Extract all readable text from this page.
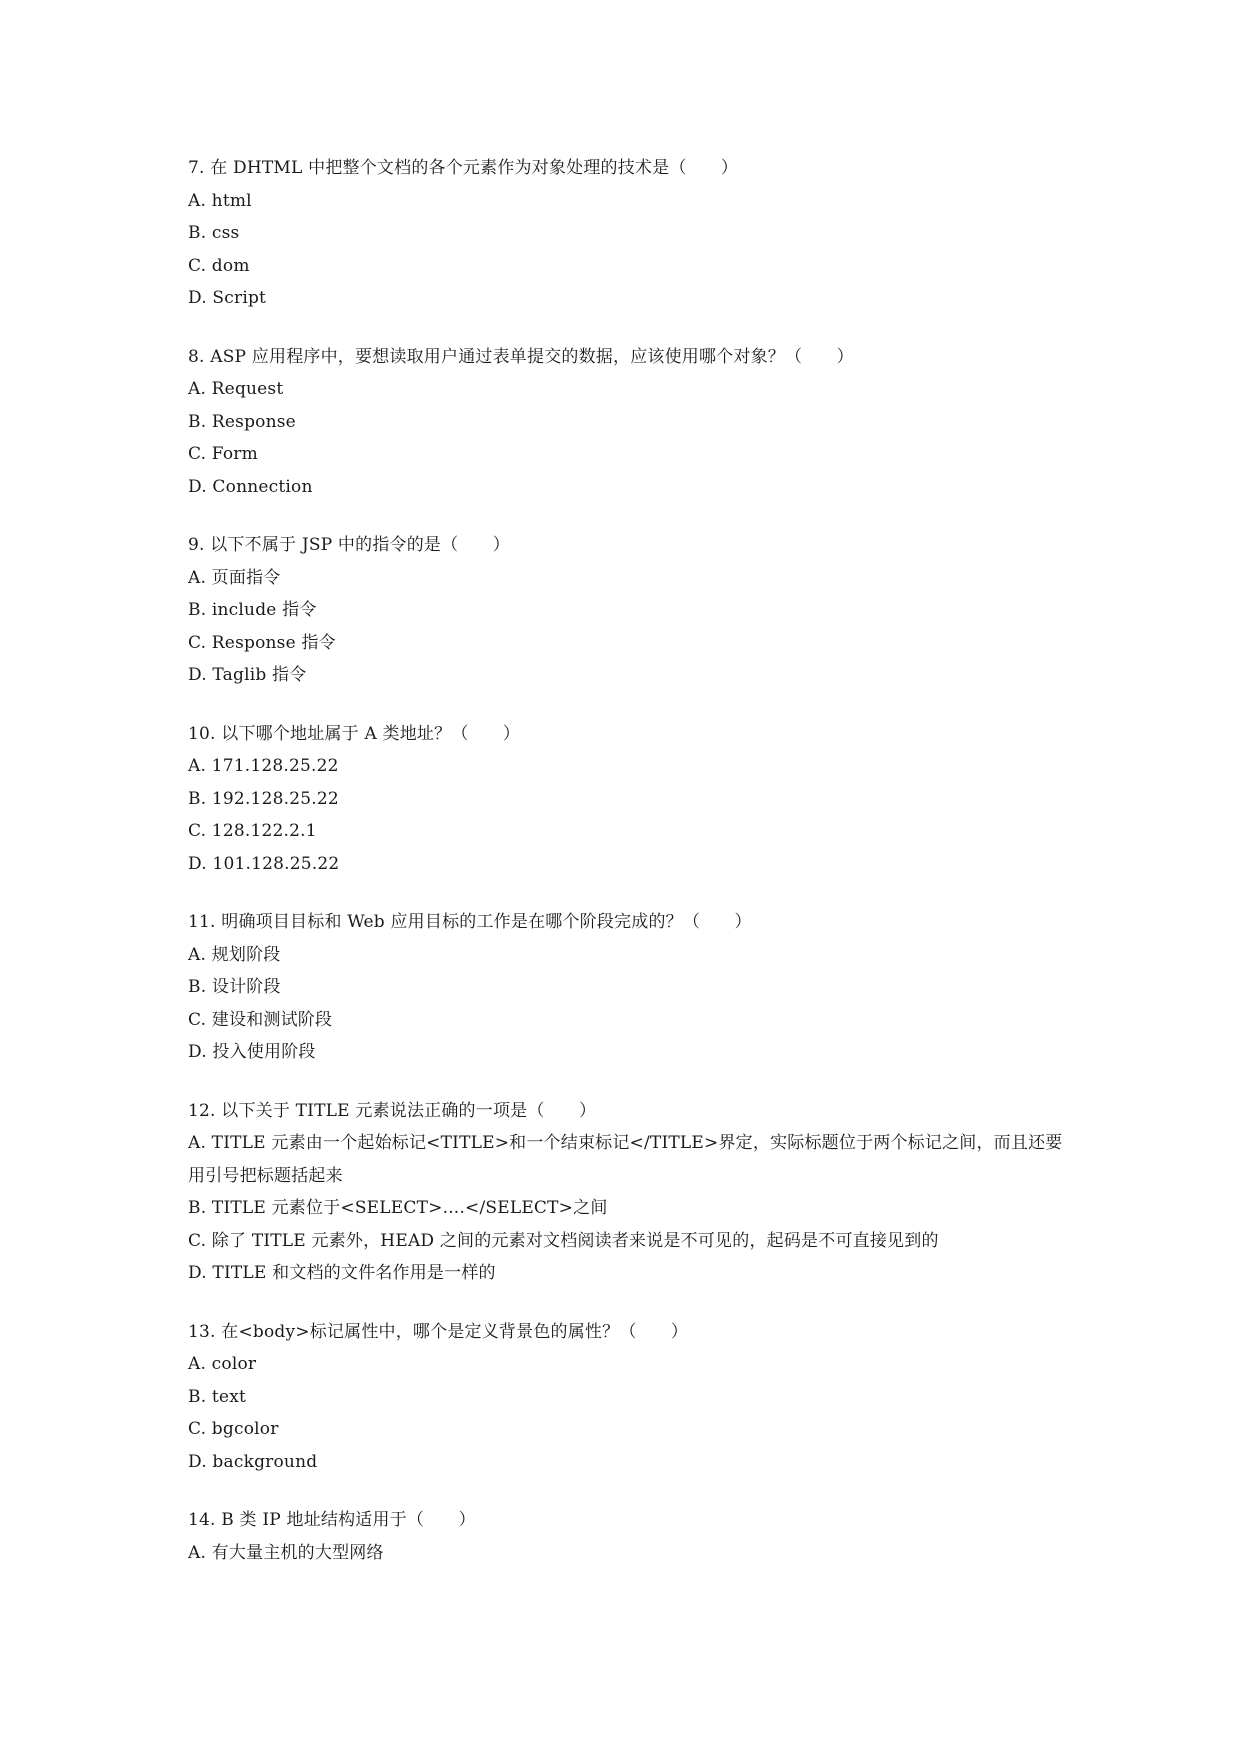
7. 在 DHTML 中把整个文档的各个元素作为对象处理的技术是（　　）

A. html

B. css

C. dom

D. Script

8. ASP 应用程序中，要想读取用户通过表单提交的数据，应该使用哪个对象？（　　）

A. Request

B. Response

C. Form

D. Connection

9. 以下不属于 JSP 中的指令的是（　　）

A. 页面指令

B. include 指令

C. Response 指令

D. Taglib 指令

10. 以下哪个地址属于 A 类地址？（　　）

A. 171.128.25.22

B. 192.128.25.22

C. 128.122.2.1

D. 101.128.25.22

11. 明确项目目标和 Web 应用目标的工作是在哪个阶段完成的？（　　）

A. 规划阶段

B. 设计阶段

C. 建设和测试阶段

D. 投入使用阶段

12. 以下关于 TITLE 元素说法正确的一项是（　　）

A. TITLE 元素由一个起始标记<TITLE>和一个结束标记</TITLE>界定，实际标题位于两个标记之间，而且还要用引号把标题括起来

B. TITLE 元素位于<SELECT>....</SELECT>之间

C. 除了 TITLE 元素外，HEAD 之间的元素对文档阅读者来说是不可见的，起码是不可直接见到的

D. TITLE 和文档的文件名作用是一样的

13. 在<body>标记属性中，哪个是定义背景色的属性？（　　）

A. color

B. text

C. bgcolor

D. background

14. B 类 IP 地址结构适用于（　　）

A. 有大量主机的大型网络
